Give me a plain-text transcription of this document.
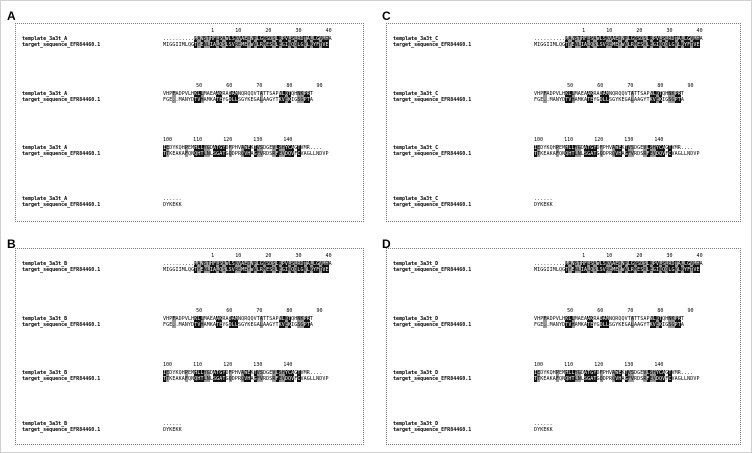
A
1       10        20        30        40
template_3a3t_A	..........MANSTHFLSAWLSKVAEDNPLGWSDSLRPVLSLRDTALLGVMHA
target_sequence_EFR84460.1	MIGGIIMLQGTYENLIALQSLSVREMEYWNLRMESRLEGINQQLGVLKYFTVE
50        60        70        80        90
template_3a3t_A	VHPFADPVLHKLLMAEAAKRADAMNQRQQVTATTSAPNLKTQHNKPRT
target_sequence_EFR84460.1	FGE..MANYDTVHAMKATEYGDLLSGYKEGALAAGYTKVEKIGSGPTA
100       110       120       130       140
template_3a3t_A	IEDYKQHPEMHLLYGDATGYDFPHVAWEKTVSDGEVLSHYCAGTVMR....
target_sequence_EFR84460.1	TTKEAKAFQNQHTLNLSGATGQDPRQVHAGFVRDSRFEVDQVFCVAGLLNDVP
template_3a3t_A	......
target_sequence_EFR84460.1	DYKEKK
C
1       10        20        30        40
template_3a3t_C	..........MANSTHFLSAWLSKVAEDNPLGWSDSLRPVLSLRDTALLGVMHA
target_sequence_EFR84460.1	MIGGIIMLQGTYENLIALQSLSVREMEYWNLRMESRLEGINQQLGVLKYFTVE
50        60        70        80        90
template_3a3t_C	VHPFADPVLHKLLMAEAAKRADAMNQRQQVTATTSAPNLKTQHNKPRT
target_sequence_EFR84460.1	FGE..MANYDTVHAMKATEYGDLLSGYKEGALAAGYTKVEKIGSGPTA
100       110       120       130       140
template_3a3t_C	IEDYKQHPEMHLLYGDATGYDFPHVAWEKTVSDGEVLSHYCAGTVMR....
target_sequence_EFR84460.1	TTKEAKAFQNQHTLNLSGATGQDPRQVHAGFVRDSRFEVDQVFCVAGLLNDVP
template_3a3t_C	......
target_sequence_EFR84460.1	DYKEKK
B
1       10        20        30        40
template_3a3t_B	..........MANSTHFLSAWLSKVAEDNPLGWSDSLRPVLSLRDTALLGVMHA
target_sequence_EFR84460.1	MIGGIIMLQGTYENLIALQSLSVREMEYWNLRMESRLEGINQQLGVLKYFTVE
50        60        70        80        90
template_3a3t_B	VHPFADPVLHKLLMAEAAKRADAMNQRQQVTATTSAPNLKTQHNKPRT
target_sequence_EFR84460.1	FGE..MANYDTVHAMKATEYGDLLSGYKEGALAAGYTKVEKIGSGPTA
100       110       120       130       140
template_3a3t_B	IEDYKQHPEMHLLYGDATGYDFPHVAWEKTVSDGEVLSHYCAGTVMR....
target_sequence_EFR84460.1	TTKEAKAFQNQHTLNLSGATGQDPRQVHAGFVRDSRFEVDQVFCVAGLLNDVP
template_3a3t_B	......
target_sequence_EFR84460.1	DYKEKK
D
1       10        20        30        40
template_3a3t_D	..........MANSTHFLSAWLSKVAEDNPLGWSDSLRPVLSLRDTALLGVMHA
target_sequence_EFR84460.1	MIGGIIMLQGTYENLIALQSLSVREMEYWNLRMESRLEGINQQLGVLKYFTVE
50        60        70        80        90
template_3a3t_D	VHPFADPVLHKLLMAEAAKRADAMNQRQQVTATTSAPNLKTQHNKPRT
target_sequence_EFR84460.1	FGE..MANYDTVHAMKATEYGDLLSGYKEGALAAGYTKVEKIGSGPTA
100       110       120       130       140
template_3a3t_D	IEDYKQHPEMHLLYGDATGYDFPHVAWEKTVSDGEVLSHYCAGTVMR....
target_sequence_EFR84460.1	TTKEAKAFQNQHTLNLSGATGQDPRQVHAGFVRDSRFEVDQVFCVAGLLNDVP
template_3a3t_D	......
target_sequence_EFR84460.1	DYKEKK
